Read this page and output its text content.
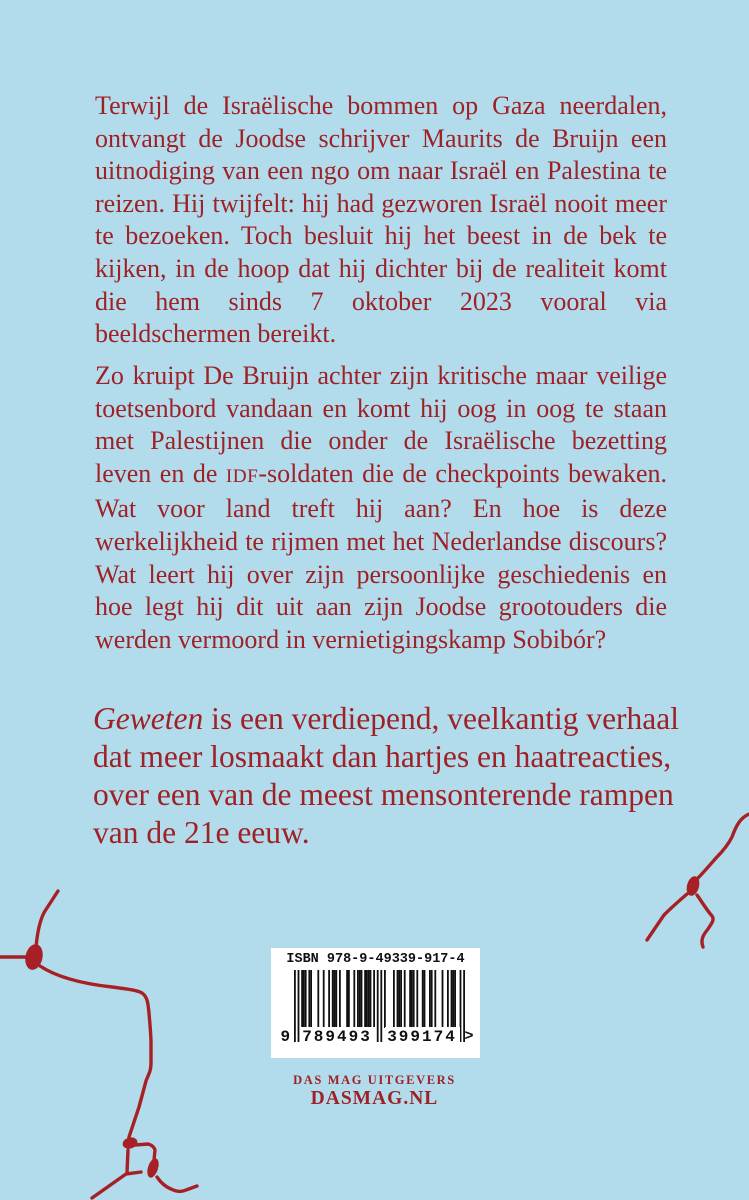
Terwijl de Israëlische bommen op Gaza neerdalen, ontvangt de Joodse schrijver Maurits de Bruijn een uitnodiging van een ngo om naar Israël en Palestina te reizen. Hij twijfelt: hij had gezworen Israël nooit meer te bezoeken. Toch besluit hij het beest in de bek te kijken, in de hoop dat hij dichter bij de realiteit komt die hem sinds 7 oktober 2023 vooral via beeldschermen bereikt.

Zo kruipt De Bruijn achter zijn kritische maar veilige toetsenbord vandaan en komt hij oog in oog te staan met Palestijnen die onder de Israëlische bezetting leven en de IDF-soldaten die de checkpoints bewaken. Wat voor land treft hij aan? En hoe is deze werkelijkheid te rijmen met het Nederlandse discours? Wat leert hij over zijn persoonlijke geschiedenis en hoe legt hij dit uit aan zijn Joodse grootouders die werden vermoord in vernietigingskamp Sobibór?

Geweten is een verdiepend, veelkantig verhaal dat meer losmaakt dan hartjes en haatreacties, over een van de meest mensonterende rampen van de 21e eeuw.

ISBN 978-9-49339-917-4
9 789493 399174 >
DAS MAG UITGEVERS
DASMAG.NL
